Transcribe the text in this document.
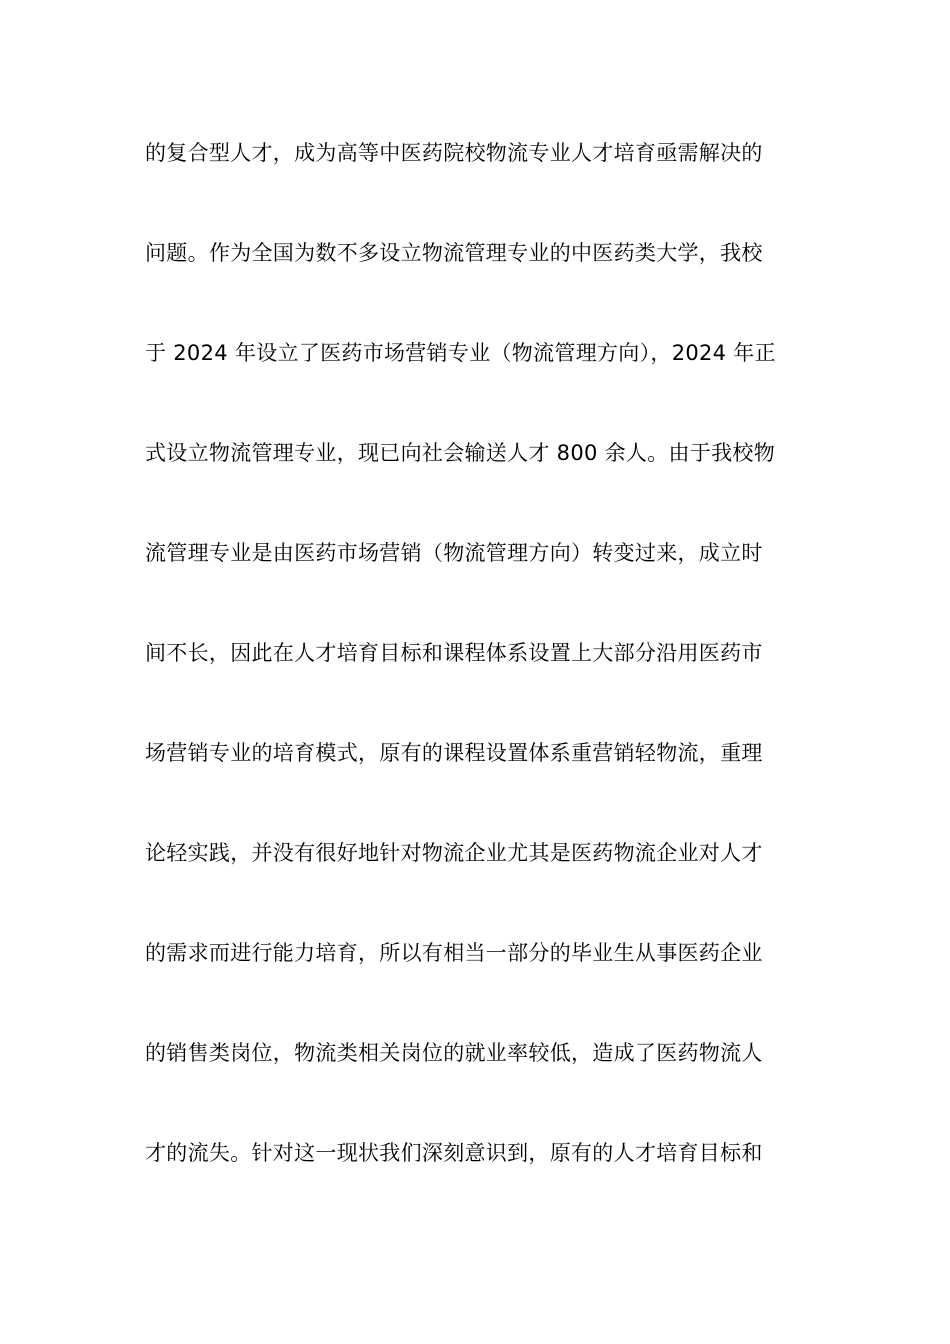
的复合型人才，成为高等中医药院校物流专业人才培育亟需解决的
问题。作为全国为数不多设立物流管理专业的中医药类大学，我校
于 2024 年设立了医药市场营销专业（物流管理方向），2024 年正
式设立物流管理专业，现已向社会输送人才 800 余人。由于我校物
流管理专业是由医药市场营销（物流管理方向）转变过来，成立时
间不长，因此在人才培育目标和课程体系设置上大部分沿用医药市
场营销专业的培育模式，原有的课程设置体系重营销轻物流，重理
论轻实践，并没有很好地针对物流企业尤其是医药物流企业对人才
的需求而进行能力培育，所以有相当一部分的毕业生从事医药企业
的销售类岗位，物流类相关岗位的就业率较低，造成了医药物流人
才的流失。针对这一现状我们深刻意识到，原有的人才培育目标和
